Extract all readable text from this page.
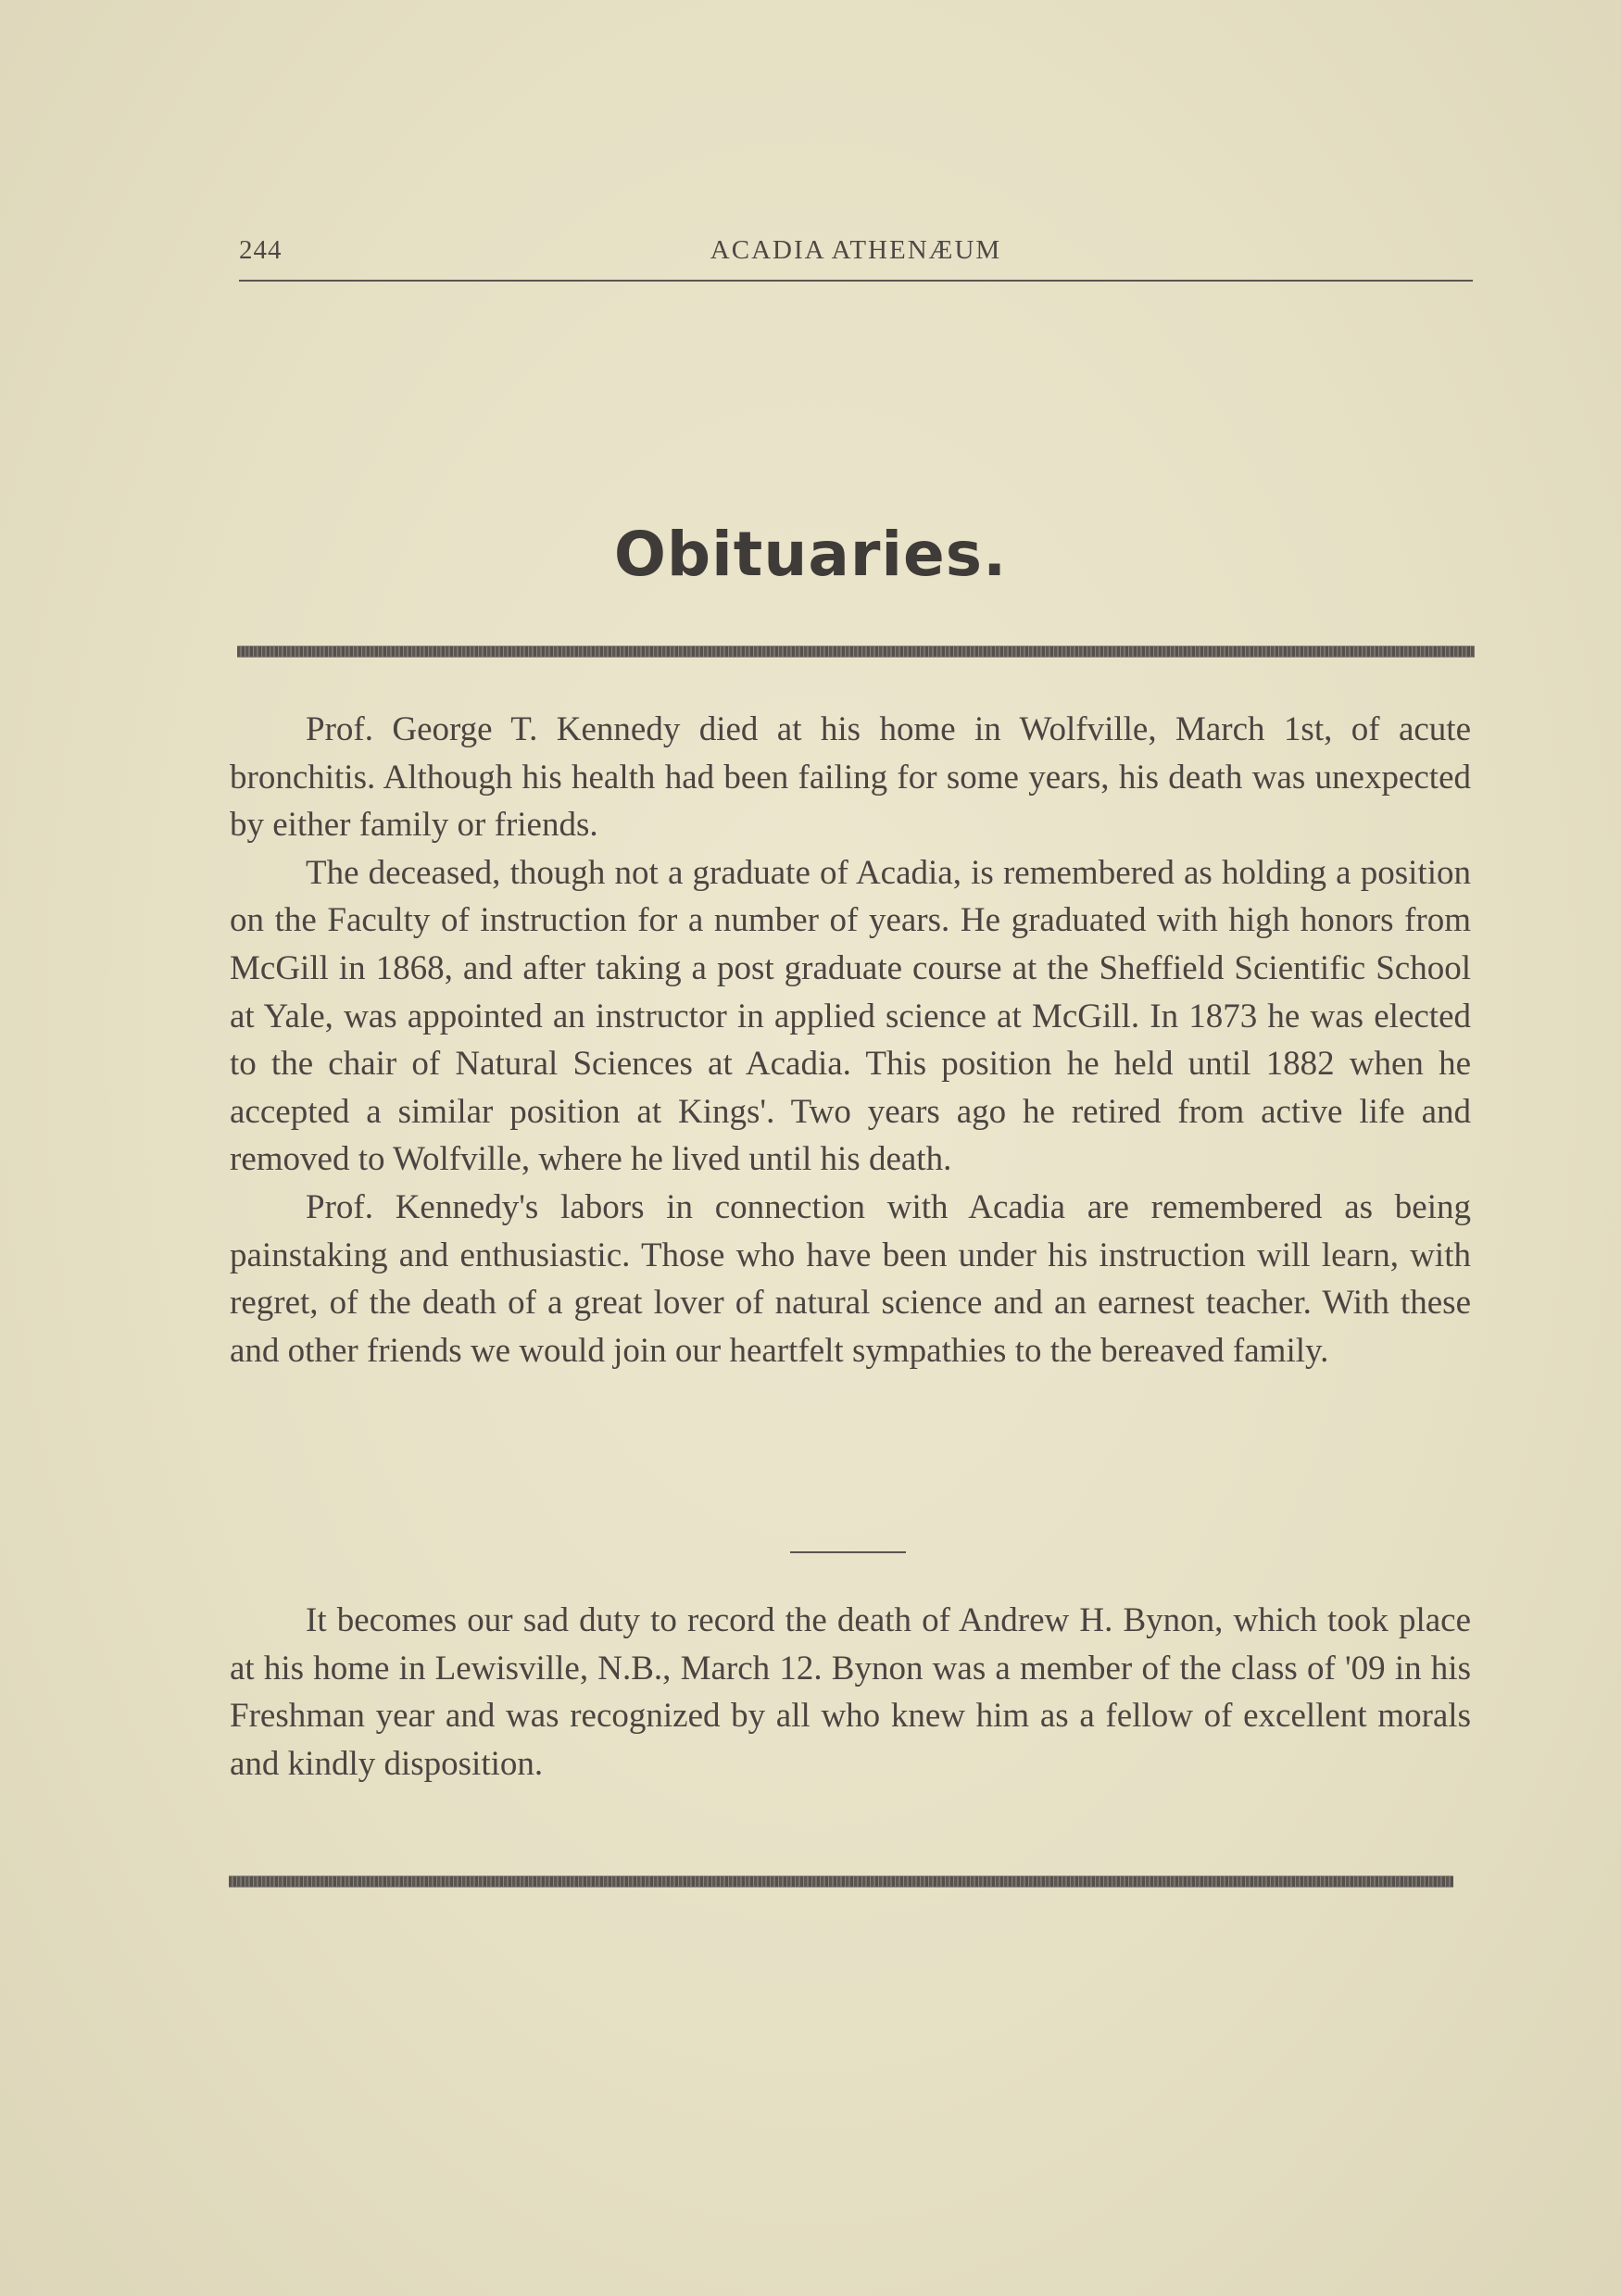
244	ACADIA ATHENÆUM
Obituaries.

Prof. George T. Kennedy died at his home in Wolfville, March 1st, of acute bronchitis. Although his health had been failing for some years, his death was unexpected by either family or friends.

The deceased, though not a graduate of Acadia, is remembered as holding a position on the Faculty of instruction for a number of years. He graduated with high honors from McGill in 1868, and after taking a post graduate course at the Sheffield Scientific School at Yale, was appointed an instructor in applied science at McGill. In 1873 he was elected to the chair of Natural Sciences at Acadia. This position he held until 1882 when he accepted a similar position at Kings'. Two years ago he retired from active life and removed to Wolfville, where he lived until his death.

Prof. Kennedy's labors in connection with Acadia are remembered as being painstaking and enthusiastic. Those who have been under his instruction will learn, with regret, of the death of a great lover of natural science and an earnest teacher. With these and other friends we would join our heartfelt sympathies to the bereaved family.

It becomes our sad duty to record the death of Andrew H. Bynon, which took place at his home in Lewisville, N.B., March 12. Bynon was a member of the class of '09 in his Freshman year and was recognized by all who knew him as a fellow of excellent morals and kindly disposition.
